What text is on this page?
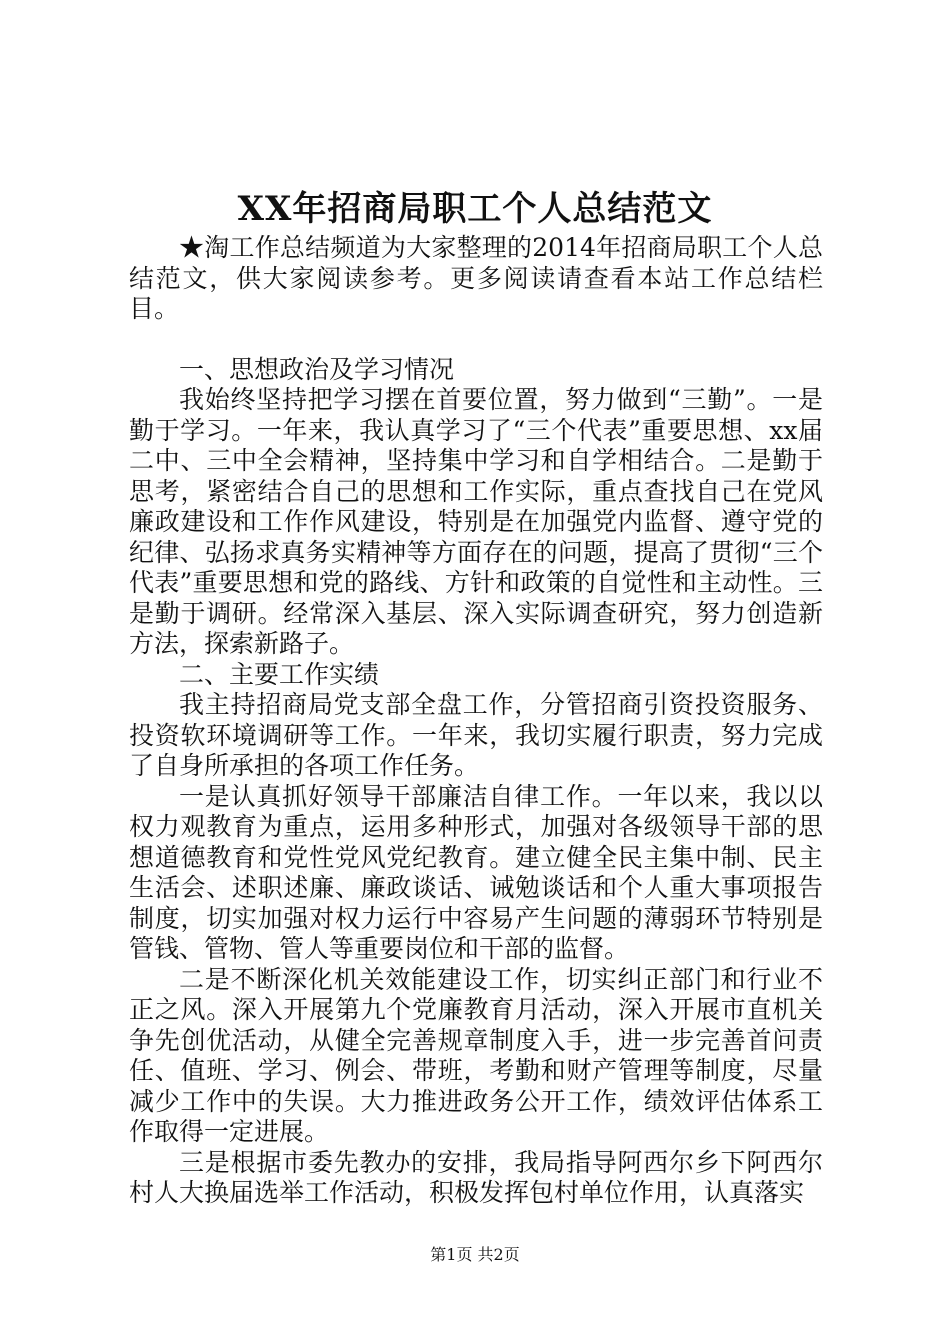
XX年招商局职工个人总结范文

★淘工作总结频道为大家整理的2014年招商局职工个人总结范文，供大家阅读参考。更多阅读请查看本站工作总结栏目。

一、思想政治及学习情况

我始终坚持把学习摆在首要位置，努力做到“三勤”。一是勤于学习。一年来，我认真学习了“三个代表”重要思想、xx届二中、三中全会精神，坚持集中学习和自学相结合。二是勤于思考，紧密结合自己的思想和工作实际，重点查找自己在党风廉政建设和工作作风建设，特别是在加强党内监督、遵守党的纪律、弘扬求真务实精神等方面存在的问题，提高了贯彻“三个代表”重要思想和党的路线、方针和政策的自觉性和主动性。三是勤于调研。经常深入基层、深入实际调查研究，努力创造新方法，探索新路子。

二、主要工作实绩

我主持招商局党支部全盘工作，分管招商引资投资服务、投资软环境调研等工作。一年来，我切实履行职责，努力完成了自身所承担的各项工作任务。

一是认真抓好领导干部廉洁自律工作。一年以来，我以以权力观教育为重点，运用多种形式，加强对各级领导干部的思想道德教育和党性党风党纪教育。建立健全民主集中制、民主生活会、述职述廉、廉政谈话、诫勉谈话和个人重大事项报告制度，切实加强对权力运行中容易产生问题的薄弱环节特别是管钱、管物、管人等重要岗位和干部的监督。

二是不断深化机关效能建设工作，切实纠正部门和行业不正之风。深入开展第九个党廉教育月活动，深入开展市直机关争先创优活动，从健全完善规章制度入手，进一步完善首问责任、值班、学习、例会、带班，考勤和财产管理等制度，尽量减少工作中的失误。大力推进政务公开工作，绩效评估体系工作取得一定进展。

三是根据市委先教办的安排，我局指导阿西尔乡下阿西尔村人大换届选举工作活动，积极发挥包村单位作用，认真落实

第1页 共2页
